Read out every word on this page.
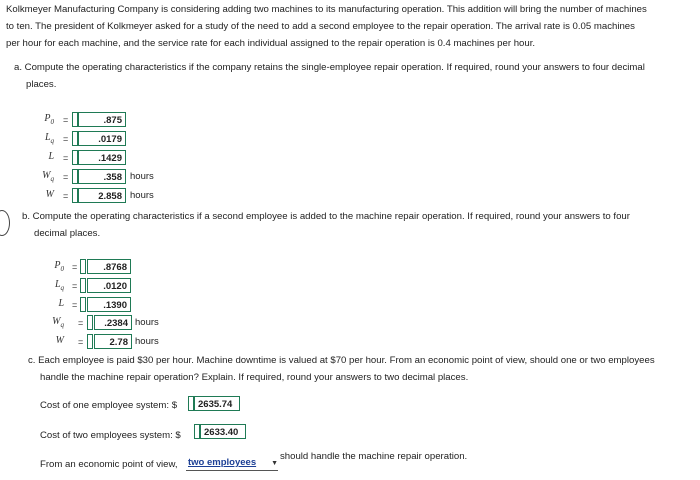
Kolkmeyer Manufacturing Company is considering adding two machines to its manufacturing operation. This addition will bring the number of machines
to ten. The president of Kolkmeyer asked for a study of the need to add a second employee to the repair operation. The arrival rate is 0.05 machines
per hour for each machine, and the service rate for each individual assigned to the repair operation is 0.4 machines per hour.
a. Compute the operating characteristics if the company retains the single-employee repair operation. If required, round your answers to four decimal
places.
$P_0$ =	.875
$L_q$ =	.0179
L =	.1429
$W_q$ =	.358 hours
W =	2.858 hours
b. Compute the operating characteristics if a second employee is added to the machine repair operation. If required, round your answers to four
decimal places.
$P_0$ =	.8768
$L_q$ =	.0120
L =	.1390
$W_q$ =	.2384 hours
W =	2.78 hours
c. Each employee is paid $30 per hour. Machine downtime is valued at $70 per hour. From an economic point of view, should one or two employees
handle the machine repair operation? Explain. If required, round your answers to two decimal places.
Cost of one employee system: $	2635.74
Cost of two employees system: $	2633.40
From an economic point of view, two employees ▼
should handle the machine repair operation.
